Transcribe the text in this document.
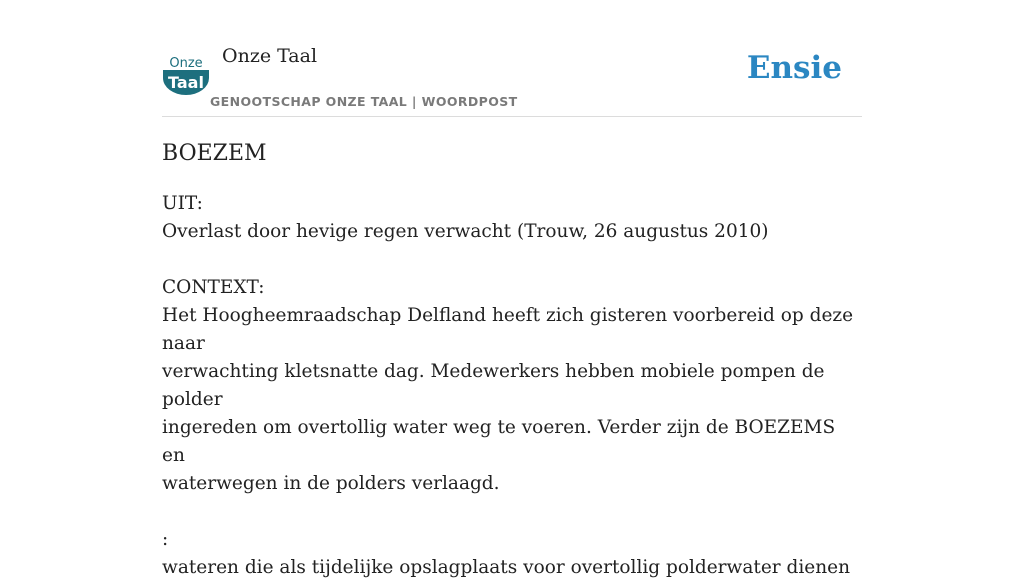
Onze
Taal
Onze Taal
GENOOTSCHAP ONZE TAAL | WOORDPOST
Ensie
BOEZEM

UIT:

Overlast door hevige regen verwacht (Trouw, 26 augustus 2010)

CONTEXT:

Het Hoogheemraadschap Delfland heeft zich gisteren voorbereid op deze naar

verwachting kletsnatte dag. Medewerkers hebben mobiele pompen de polder

ingereden om overtollig water weg te voeren. Verder zijn de BOEZEMS en

waterwegen in de polders verlaagd.

:

wateren die als tijdelijke opslagplaats voor overtollig polderwater dienen
